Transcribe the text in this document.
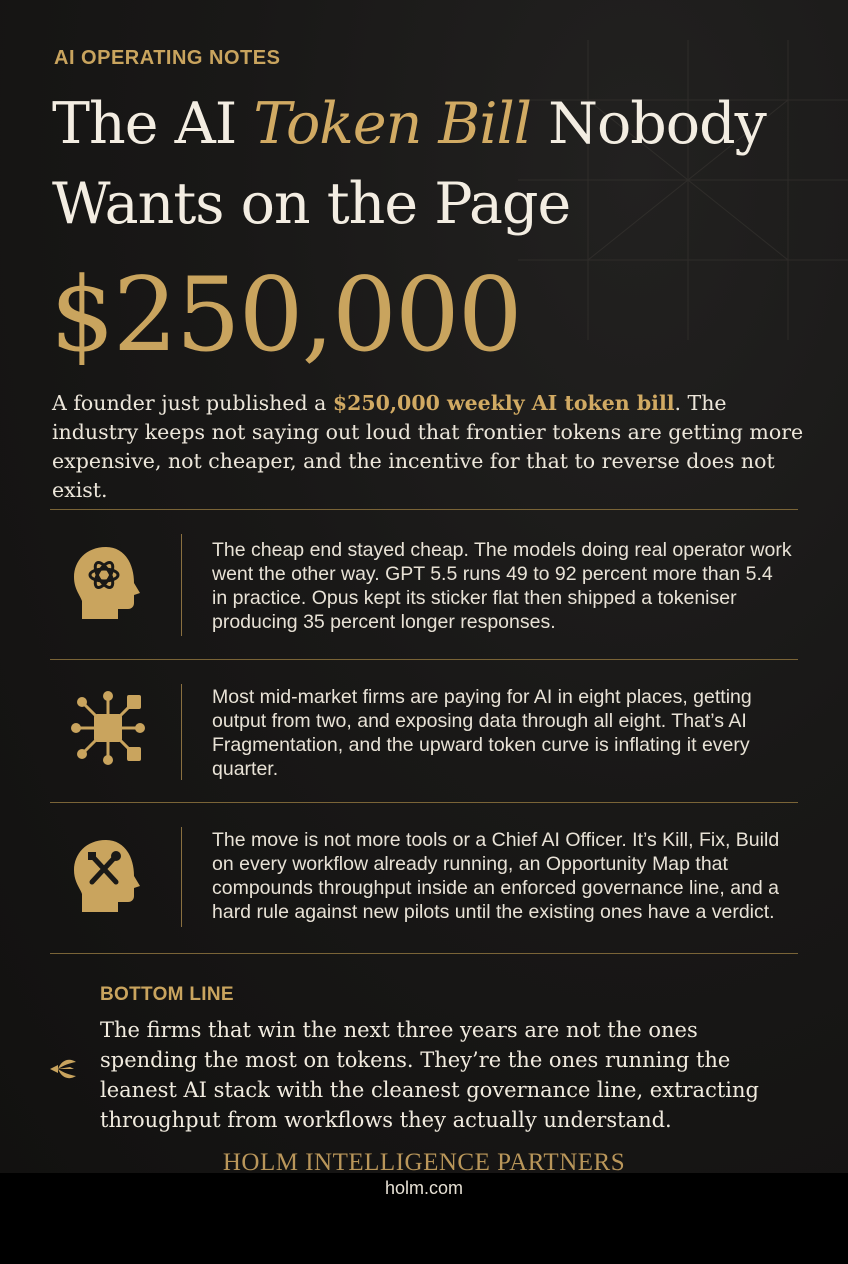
AI OPERATING NOTES
The AI Token Bill Nobody Wants on the Page
$250,000

A founder just published a $250,000 weekly AI token bill. The industry keeps not saying out loud that frontier tokens are getting more expensive, not cheaper, and the incentive for that to reverse does not exist.

The cheap end stayed cheap. The models doing real operator work went the other way. GPT 5.5 runs 49 to 92 percent more than 5.4 in practice. Opus kept its sticker flat then shipped a tokeniser producing 35 percent longer responses.

Most mid-market firms are paying for AI in eight places, getting output from two, and exposing data through all eight. That’s AI Fragmentation, and the upward token curve is inflating it every quarter.

The move is not more tools or a Chief AI Officer. It’s Kill, Fix, Build on every workflow already running, an Opportunity Map that compounds throughput inside an enforced governance line, and a hard rule against new pilots until the existing ones have a verdict.

BOTTOM LINE

The firms that win the next three years are not the ones spending the most on tokens. They’re the ones running the leanest AI stack with the cleanest governance line, extracting throughput from workflows they actually understand.

HOLM INTELLIGENCE PARTNERS
holm.com
